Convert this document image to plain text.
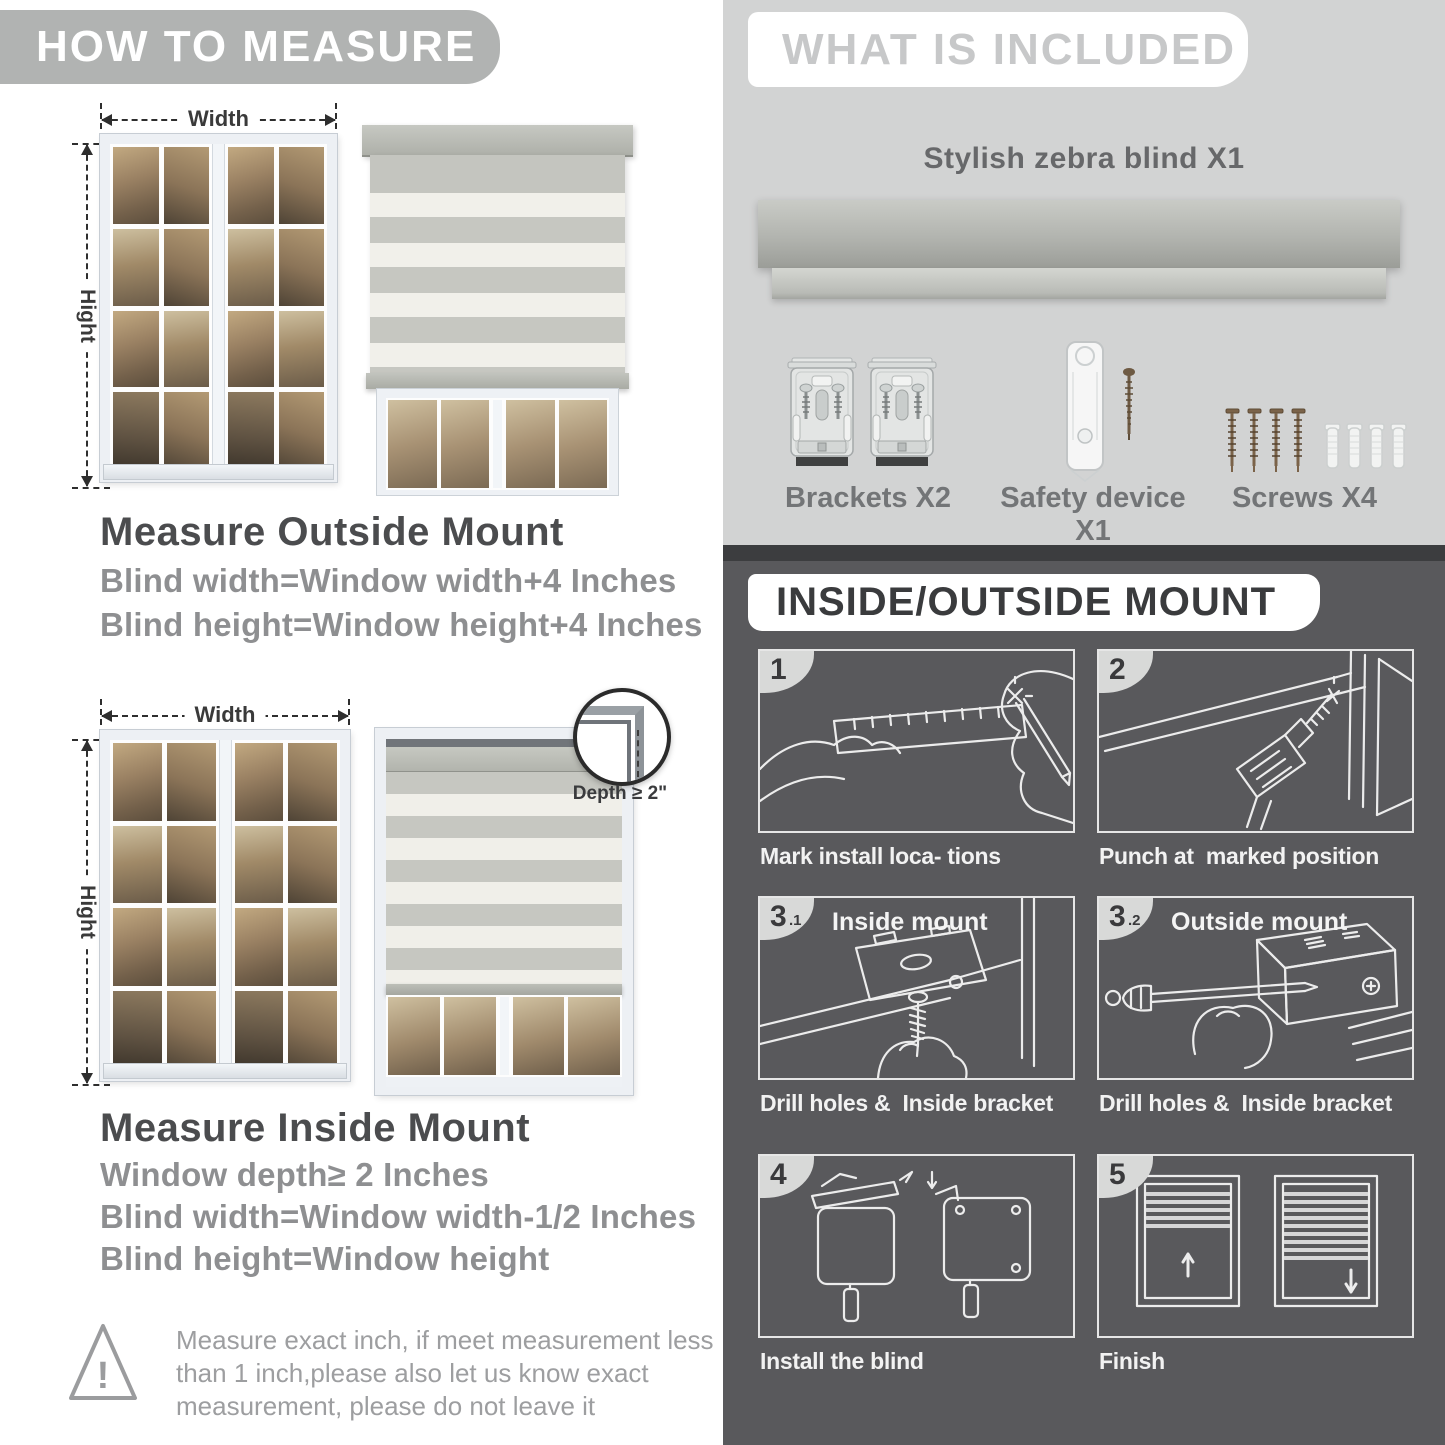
HOW TO MEASURE
Width
Hight
Measure Outside Mount
Blind width=Window width+4 Inches
Blind height=Window height+4 Inches
Width
Hight
Depth ≥ 2"
Measure Inside Mount
Window depth≥ 2 Inches
Blind width=Window width-1/2 Inches
Blind height=Window height
!
Measure exact inch, if meet measurement less
than 1 inch,please also let us know exact
measurement, please do not leave it
WHAT IS INCLUDED
Stylish zebra blind X1
Brackets X2	Safety device X1
Screws X4
INSIDE/OUTSIDE MOUNT
1
Mark install loca- tions
2
Punch at  marked position
3 .1 Inside mount
Drill holes &  Inside bracket
3 .2 Outside mount
Drill holes &  Inside bracket
4
Install the blind
5
Finish
